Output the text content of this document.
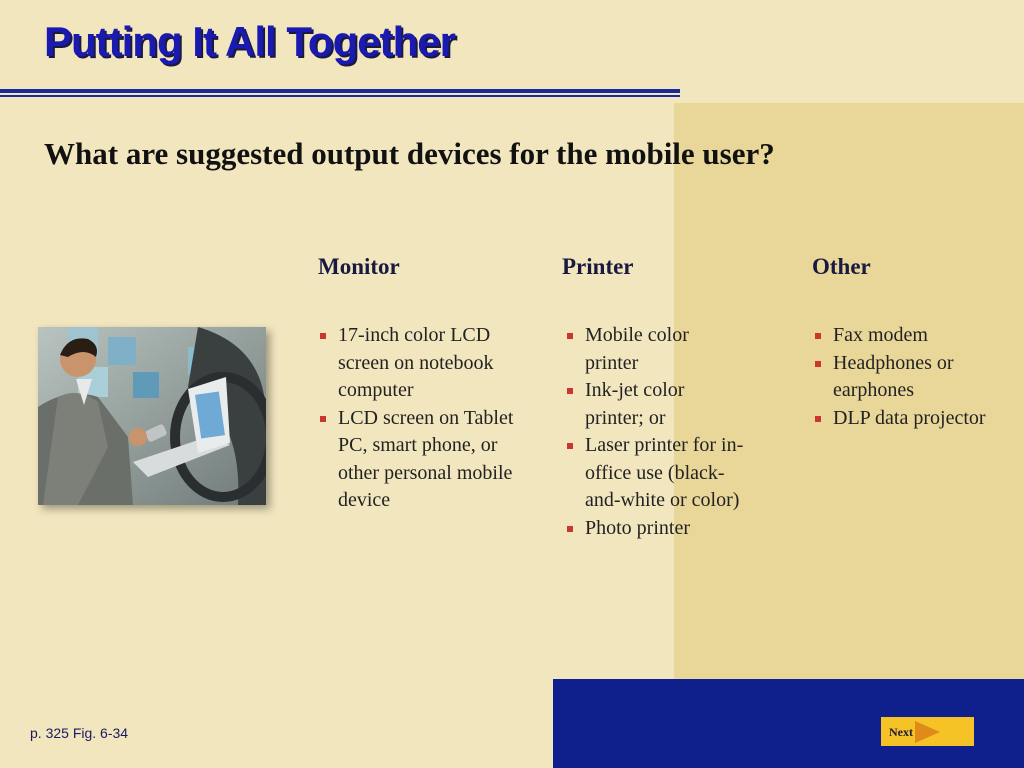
Putting It All Together
What are suggested output devices for the mobile user?
Monitor
17-inch color LCD screen on notebook computer
LCD screen on Tablet PC, smart phone, or other personal mobile device
Printer
Mobile color printer
Ink-jet color printer; or
Laser printer for in-office use (black-and-white or color)
Photo printer
Other
Fax modem
Headphones or earphones
DLP data projector
p. 325 Fig. 6-34	Next
